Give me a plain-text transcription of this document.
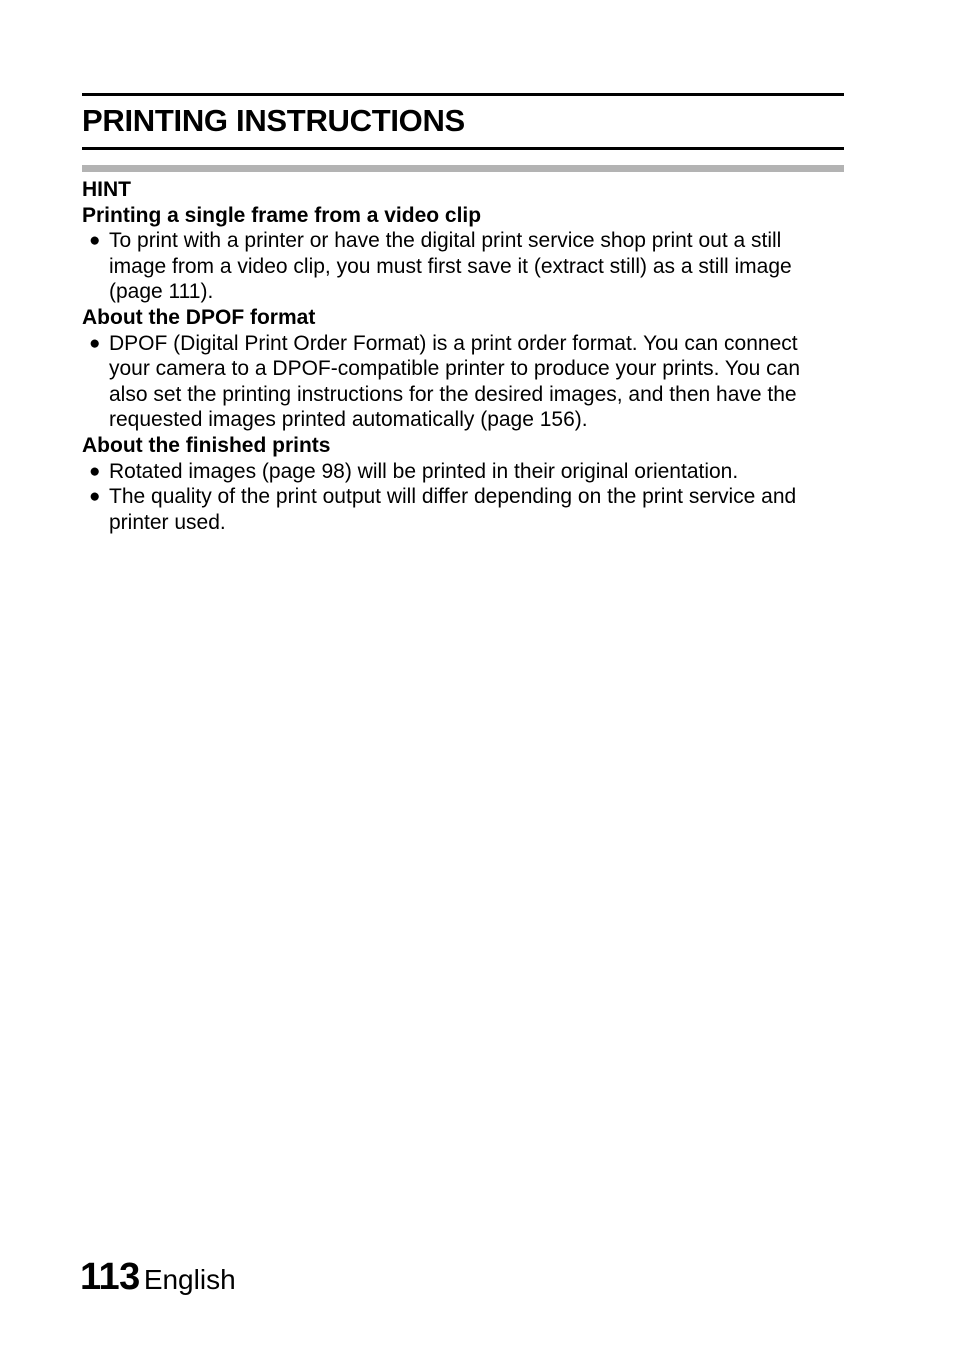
PRINTING INSTRUCTIONS
HINT
Printing a single frame from a video clip
● To print with a printer or have the digital print service shop print out a still image from a video clip, you must first save it (extract still) as a still image (page 111).
About the DPOF format
● DPOF (Digital Print Order Format) is a print order format. You can connect your camera to a DPOF-compatible printer to produce your prints. You can also set the printing instructions for the desired images, and then have the requested images printed automatically (page 156).
About the finished prints
● Rotated images (page 98) will be printed in their original orientation.
● The quality of the print output will differ depending on the print service and printer used.
113 English
